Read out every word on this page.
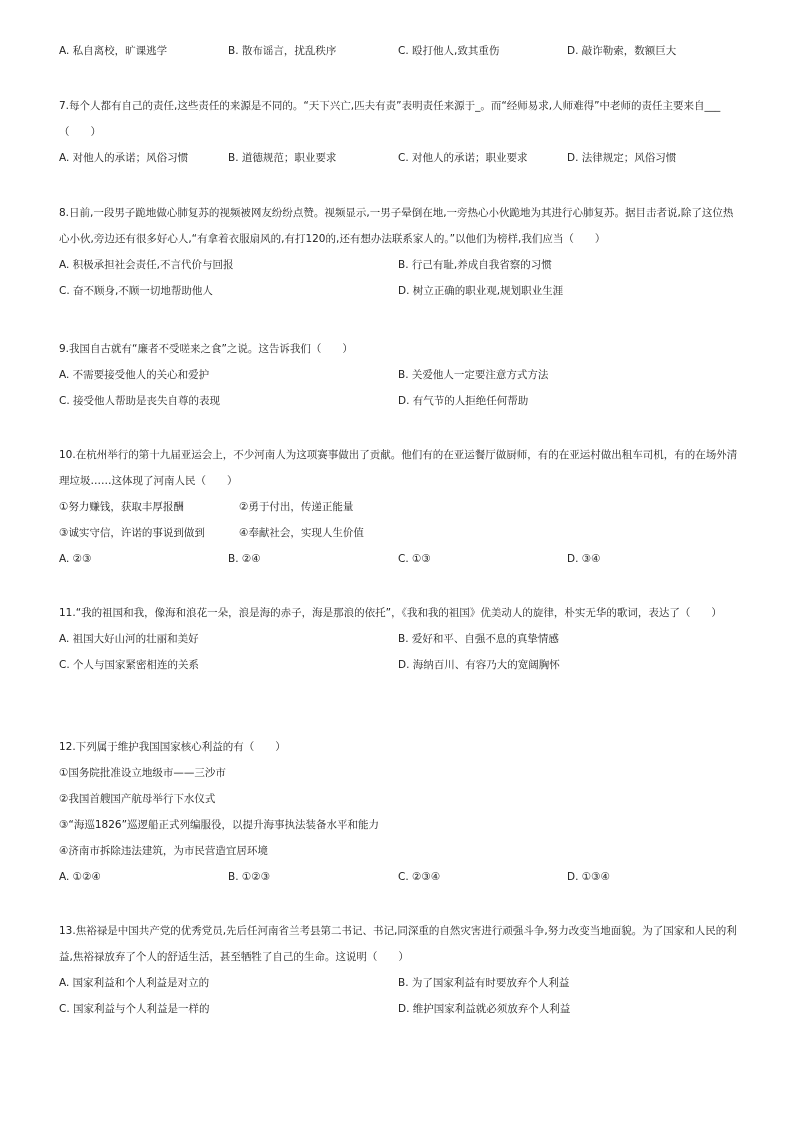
A. 私自离校，旷课逃学	B. 散布谣言，扰乱秩序	C. 殴打他人,致其重伤	D. 敲诈勒索，数额巨大
7.每个人都有自己的责任,这些责任的来源是不同的。“天下兴亡,匹夫有责”表明责任来源于_。而“经师易求,人师难得”中老师的责任主要来自___（　　）
A. 对他人的承诺；风俗习惯	B. 道德规范；职业要求	C. 对他人的承诺；职业要求	D. 法律规定；风俗习惯
8.日前,一段男子跪地做心肺复苏的视频被网友纷纷点赞。视频显示,一男子晕倒在地,一旁热心小伙跪地为其进行心肺复苏。据目击者说,除了这位热心小伙,旁边还有很多好心人,“有拿着衣服扇风的,有打120的,还有想办法联系家人的。”以他们为榜样,我们应当（　　）
A. 积极承担社会责任,不言代价与回报	B. 行己有耻,养成自我省察的习惯
C. 奋不顾身,不顾一切地帮助他人	D. 树立正确的职业观,规划职业生涯
9.我国自古就有“廉者不受嗟来之食”之说。这告诉我们（　　）
A. 不需要接受他人的关心和爱护	B. 关爱他人一定要注意方式方法
C. 接受他人帮助是丧失自尊的表现	D. 有气节的人拒绝任何帮助
10.在杭州举行的第十九届亚运会上，不少河南人为这项赛事做出了贡献。他们有的在亚运餐厅做厨师，有的在亚运村做出租车司机，有的在场外清理垃圾……这体现了河南人民（　　）
①努力赚钱，获取丰厚报酬	②勇于付出，传递正能量
③诚实守信，许诺的事说到做到	④奉献社会，实现人生价值
A. ②③	B. ②④	C. ①③	D. ③④
11.“我的祖国和我，像海和浪花一朵，浪是海的赤子，海是那浪的依托”，《我和我的祖国》优美动人的旋律，朴实无华的歌词，表达了（　　）
A. 祖国大好山河的壮丽和美好	B. 爱好和平、自强不息的真挚情感
C. 个人与国家紧密相连的关系	D. 海纳百川、有容乃大的宽阔胸怀
12.下列属于维护我国国家核心利益的有（　　）
①国务院批准设立地级市——三沙市
②我国首艘国产航母举行下水仪式
③“海巡1826”巡逻船正式列编服役，以提升海事执法装备水平和能力
④济南市拆除违法建筑，为市民营造宜居环境
A. ①②④	B. ①②③	C. ②③④	D. ①③④
13.焦裕禄是中国共产党的优秀党员,先后任河南省兰考县第二书记、书记,同深重的自然灾害进行顽强斗争,努力改变当地面貌。为了国家和人民的利益,焦裕禄放弃了个人的舒适生活，甚至牺牲了自己的生命。这说明（　　）
A. 国家利益和个人利益是对立的	B. 为了国家利益有时要放弃个人利益
C. 国家利益与个人利益是一样的	D. 维护国家利益就必须放弃个人利益
